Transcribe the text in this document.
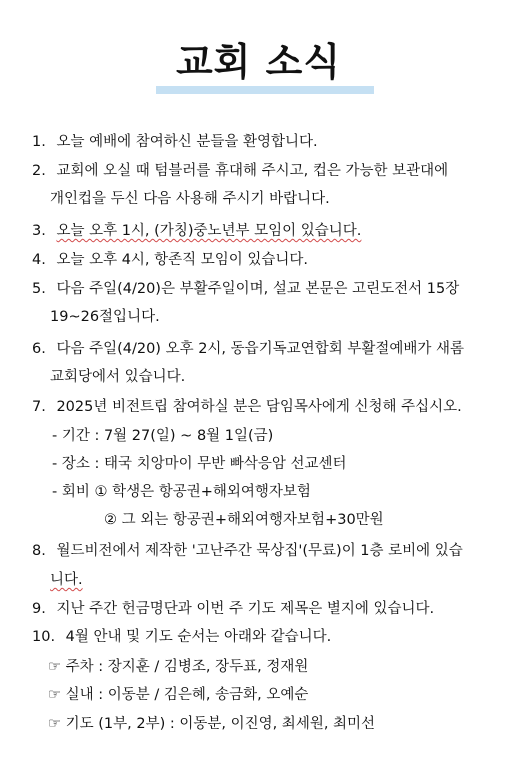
교회 소식
1. 오늘 예배에 참여하신 분들을 환영합니다.
2. 교회에 오실 때 텀블러를 휴대해 주시고, 컵은 가능한 보관대에
개인컵을 두신 다음 사용해 주시기 바랍니다.
3. 오늘 오후 1시, (가칭)중노년부 모임이 있습니다.
4. 오늘 오후 4시, 항존직 모임이 있습니다.
5. 다음 주일(4/20)은 부활주일이며, 설교 본문은 고린도전서 15장
19~26절입니다.
6. 다음 주일(4/20) 오후 2시, 동읍기독교연합회 부활절예배가 새롬
교회당에서 있습니다.
7. 2025년 비전트립 참여하실 분은 담임목사에게 신청해 주십시오.
- 기간 : 7월 27(일) ~ 8월 1일(금)
- 장소 : 태국 치앙마이 무반 빠삭응암 선교센터
- 회비 ① 학생은 항공권+해외여행자보험
② 그 외는 항공권+해외여행자보험+30만원
8. 월드비전에서 제작한 '고난주간 묵상집'(무료)이 1층 로비에 있습
니다.
9. 지난 주간 헌금명단과 이번 주 기도 제목은 별지에 있습니다.
10. 4월 안내 및 기도 순서는 아래와 같습니다.
☞ 주차 : 장지훈 / 김병조, 장두표, 정재원
☞ 실내 : 이동분 / 김은혜, 송금화, 오예순
☞ 기도 (1부, 2부) : 이동분, 이진영, 최세원, 최미선
